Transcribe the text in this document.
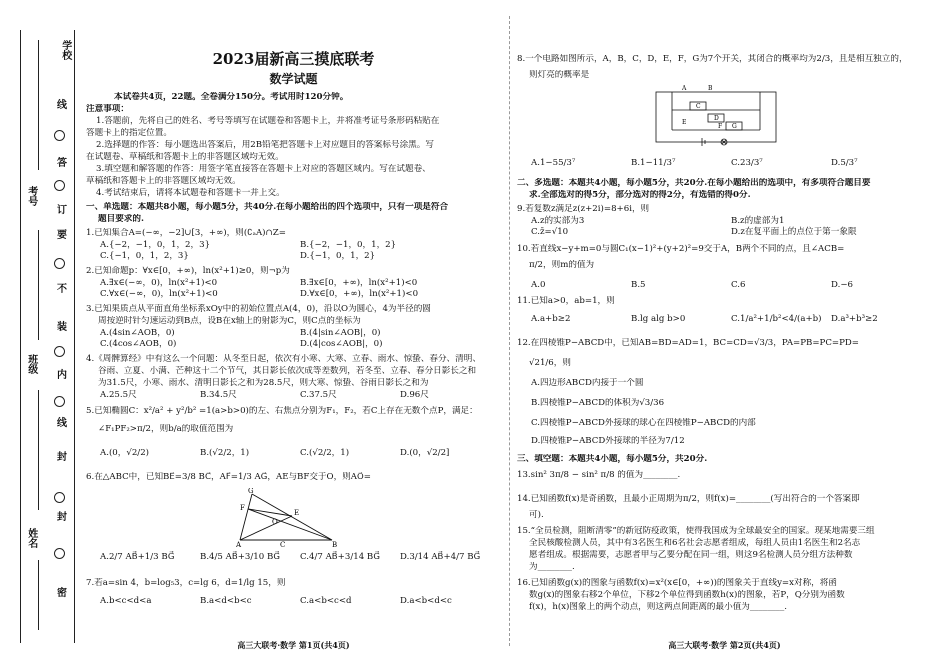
考号
班级
姓名
学校
线
答
订
要
不
装
内
线
封
封
密
2023届新高三摸底联考
数学试题
本试卷共4页，22题。全卷满分150分。考试用时120分钟。
注意事项：
1.答题前，先将自己的姓名、考号等填写在试题卷和答题卡上，并将准考证号条形码粘贴在
答题卡上的指定位置。
2.选择题的作答：每小题选出答案后，用2B铅笔把答题卡上对应题目的答案标号涂黑。写
在试题卷、草稿纸和答题卡上的非答题区域均无效。
3.填空题和解答题的作答：用签字笔直接答在答题卡上对应的答题区域内。写在试题卷、
草稿纸和答题卡上的非答题区域均无效。
4.考试结束后，请将本试题卷和答题卡一并上交。
一、单选题：本题共8小题，每小题5分，共40分.在每小题给出的四个选项中，只有一项是符合
题目要求的.
1.已知集合A=(−∞，−2]∪[3，+∞)，则(∁ₐA)∩Z=
A.{−2，−1，0，1，2，3}	B.{−2，−1，0，1，2}
C.{−1，0，1，2，3}	D.{−1，0，1，2}
2.已知命题p：∀x∈[0，+∞)，ln(x²+1)≥0，则¬p为
A.∃x∈(−∞，0)，ln(x²+1)<0	B.∃x∈[0，+∞)，ln(x²+1)<0
C.∀x∈(−∞，0)，ln(x²+1)<0	D.∀x∈[0，+∞)，ln(x²+1)<0
3.已知果质点从平面直角坐标系xOy中的初始位置点A(4，0)，沿以O为圆心，4为半径的圆
周按逆时针匀速运动到B点，设B在x轴上的射影为C，则C点的坐标为
A.(4sin∠AOB，0)	B.(4|sin∠AOB|，0)
C.(4cos∠AOB，0)	D.(4|cos∠AOB|，0)
4.《周髀算经》中有这么一个问题：从冬至日起，依次有小寒、大寒、立春、雨水、惊蛰、春分、清明、
谷雨、立夏、小满、芒种这十二个节气，其日影长依次成等差数列，若冬至、立春、春分日影长之和
为31.5尺，小寒、雨水、清明日影长之和为28.5尺，则大寒、惊蛰、谷雨日影长之和为
A.25.5尺	B.34.5尺	C.37.5尺	D.96尺
5.已知椭圆C：x²/a² + y²/b² =1(a>b>0)的左、右焦点分别为F₁，F₂，若C上存在无数个点P，满足：
∠F₁PF₂>π/2，则b/a的取值范围为
A.(0，√2/2)	B.(√2/2，1)	C.(√2/2，1)	D.(0，√2/2]
6.在△ABC中，已知BE⃗=3/8 BC⃗，AF⃗=1/3 AG⃗，AE与BF交于O，则AO⃗=
G
F
E
O
A	B
C
A.2/7 AB⃗+1/3 BG⃗	B.4/5 AB⃗+3/10 BG⃗	C.4/7 AB⃗+3/14 BG⃗	D.3/14 AB⃗+4/7 BG⃗
7.若a=sin 4，b=log₅3，c=lg 6，d=1/lg 15，则
A.b<c<d<a	B.a<d<b<c	C.a<b<c<d	D.a<b<d<c
高三大联考·数学 第1页(共4页)
8.一个电路如图所示，A，B，C，D，E，F，G为7个开关，其闭合的概率均为2/3，且是相互独立的，
则灯亮的概率是
A	B
C
D
E
F G
A.1−55/3⁷	B.1−11/3⁷	C.23/3⁷	D.5/3⁷
二、多选题：本题共4小题，每小题5分，共20分.在每小题给出的选项中，有多项符合题目要
求.全部选对的得5分，部分选对的得2分，有选错的得0分.
9.若复数z满足z(z+2i)=8+6i，则
A.z的实部为3	B.z的虚部为1
C.z̄=√10	D.z在复平面上的点位于第一象限
10.若直线x−y+m=0与圆C₁(x−1)²+(y+2)²=9交于A，B两个不同的点，且∠ACB=
π/2，则m的值为
A.0	B.5	C.6	D.−6
11.已知a>0，ab=1，则
A.a+b≥2	B.lg alg b>0	C.1/a²+1/b²<4/(a+b)	D.a³+b³≥2
12.在四棱锥P−ABCD中，已知AB=BD=AD=1，BC=CD=√3/3，PA=PB=PC=PD=
√21/6，则
A.四边形ABCD内接于一个圆
B.四棱锥P−ABCD的体积为√3/36
C.四棱锥P−ABCD外接球的球心在四棱锥P−ABCD的内部
D.四棱锥P−ABCD外接球的半径为7/12
三、填空题：本题共4小题，每小题5分，共20分.
13.sin² 3π/8 − sin² π/8 的值为________.
14.已知函数f(x)是奇函数，且最小正周期为π/2，则f(x)=________(写出符合的一个答案即
可).
15.“全员检测，阻断清零”的新冠防疫政策，使得我国成为全球最安全的国家。现某地需要三组
全民核酸检测人员，其中有3名医生和6名社会志愿者组成，每组人员由1名医生和2名志
愿者组成。根据需要，志愿者甲与乙要分配在同一组，则这9名检测人员分组方法种数
为________.
16.已知函数g(x)的图象与函数f(x)=x²(x∈[0，+∞))的图象关于直线y=x对称，将函
数g(x)的图象右移2个单位，下移2个单位得到函数h(x)的图象，若P，Q分别为函数
f(x)，h(x)图象上的两个动点，则这两点间距离的最小值为________.
高三大联考·数学 第2页(共4页)
